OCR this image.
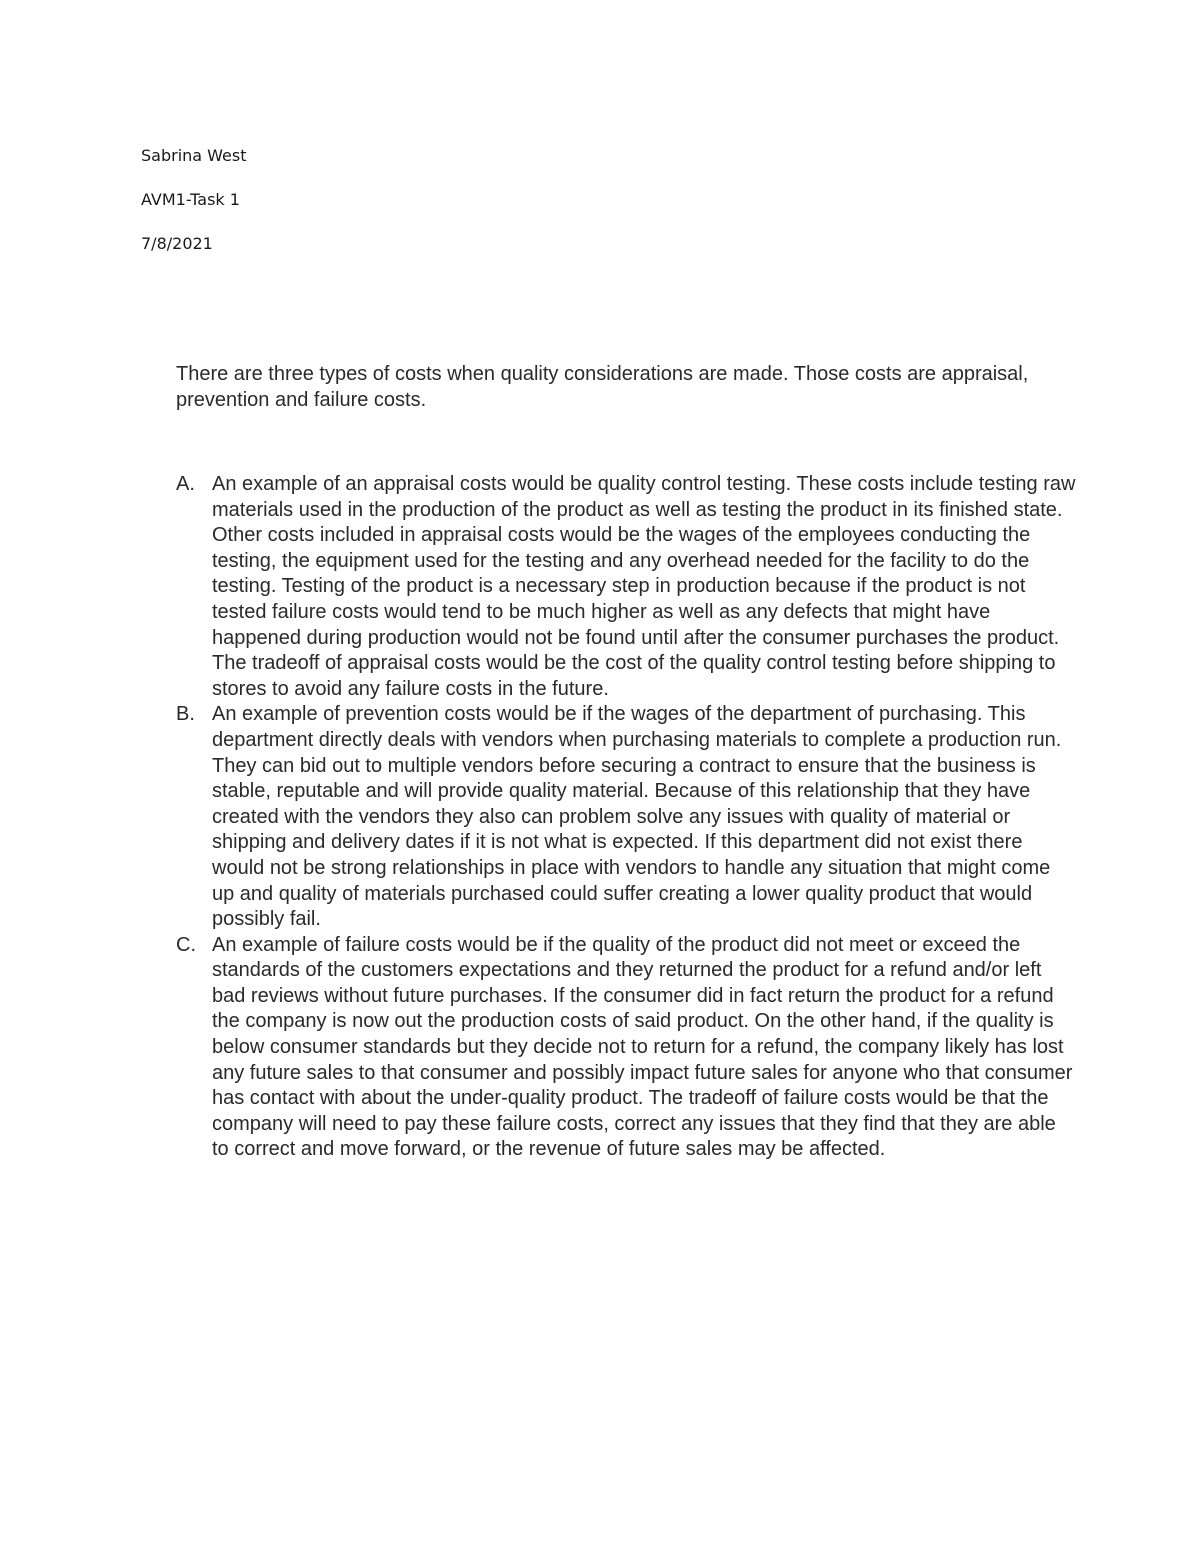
Sabrina West
AVM1-Task 1
7/8/2021

There are three types of costs when quality considerations are made. Those costs are appraisal, prevention and failure costs.

A. An example of an appraisal costs would be quality control testing. These costs include testing raw materials used in the production of the product as well as testing the product in its finished state. Other costs included in appraisal costs would be the wages of the employees conducting the testing, the equipment used for the testing and any overhead needed for the facility to do the testing. Testing of the product is a necessary step in production because if the product is not tested failure costs would tend to be much higher as well as any defects that might have happened during production would not be found until after the consumer purchases the product. The tradeoff of appraisal costs would be the cost of the quality control testing before shipping to stores to avoid any failure costs in the future.
B. An example of prevention costs would be if the wages of the department of purchasing. This department directly deals with vendors when purchasing materials to complete a production run. They can bid out to multiple vendors before securing a contract to ensure that the business is stable, reputable and will provide quality material. Because of this relationship that they have created with the vendors they also can problem solve any issues with quality of material or shipping and delivery dates if it is not what is expected. If this department did not exist there would not be strong relationships in place with vendors to handle any situation that might come up and quality of materials purchased could suffer creating a lower quality product that would possibly fail.
C. An example of failure costs would be if the quality of the product did not meet or exceed the standards of the customers expectations and they returned the product for a refund and/or left bad reviews without future purchases. If the consumer did in fact return the product for a refund the company is now out the production costs of said product. On the other hand, if the quality is below consumer standards but they decide not to return for a refund, the company likely has lost any future sales to that consumer and possibly impact future sales for anyone who that consumer has contact with about the under-quality product. The tradeoff of failure costs would be that the company will need to pay these failure costs, correct any issues that they find that they are able to correct and move forward, or the revenue of future sales may be affected.
